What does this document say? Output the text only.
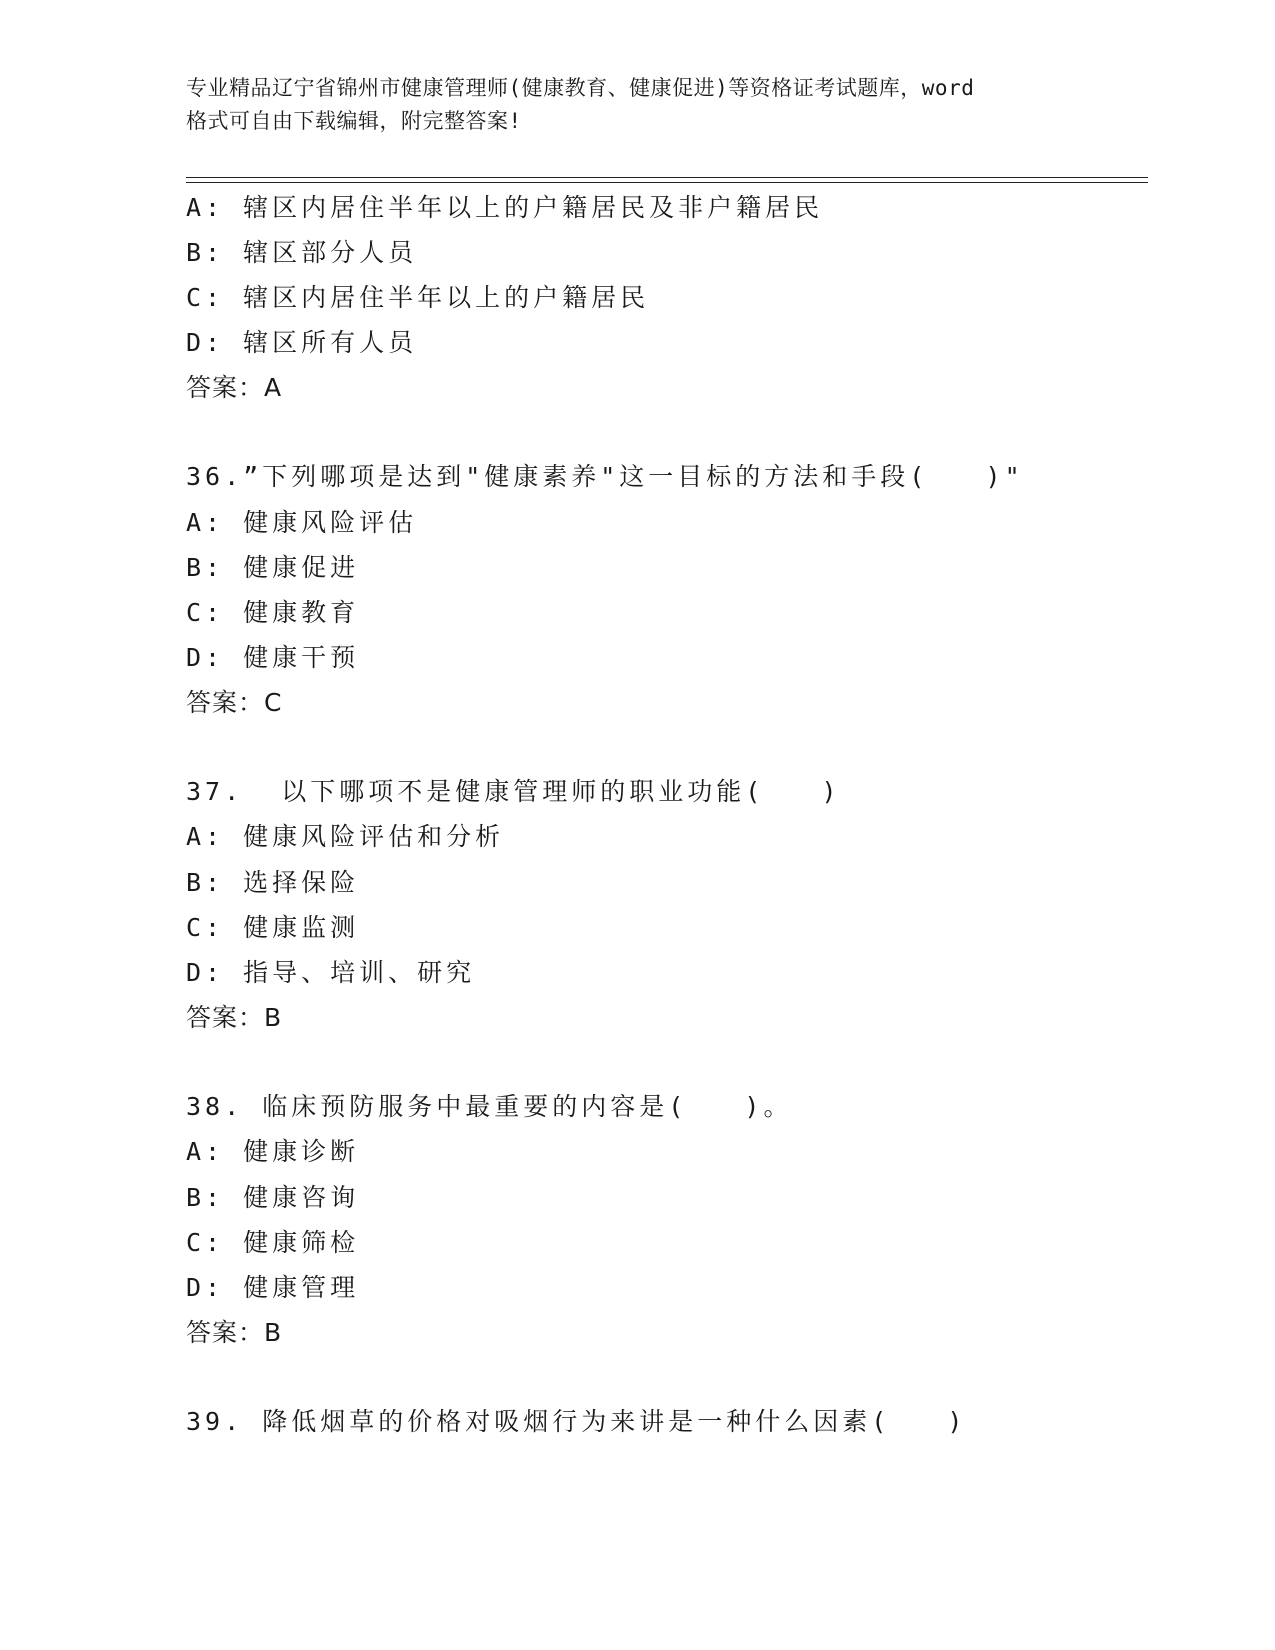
专业精品辽宁省锦州市健康管理师(健康教育、健康促进)等资格证考试题库，word
格式可自由下载编辑，附完整答案!
A: 辖区内居住半年以上的户籍居民及非户籍居民
B: 辖区部分人员
C: 辖区内居住半年以上的户籍居民
D: 辖区所有人员
答案：A
36.”下列哪项是达到"健康素养"这一目标的方法和手段(   )"
A: 健康风险评估
B: 健康促进
C: 健康教育
D: 健康干预
答案：C
37.  以下哪项不是健康管理师的职业功能(   )
A: 健康风险评估和分析
B: 选择保险
C: 健康监测
D: 指导、培训、研究
答案：B
38. 临床预防服务中最重要的内容是(   )。
A: 健康诊断
B: 健康咨询
C: 健康筛检
D: 健康管理
答案：B
39. 降低烟草的价格对吸烟行为来讲是一种什么因素(   )
